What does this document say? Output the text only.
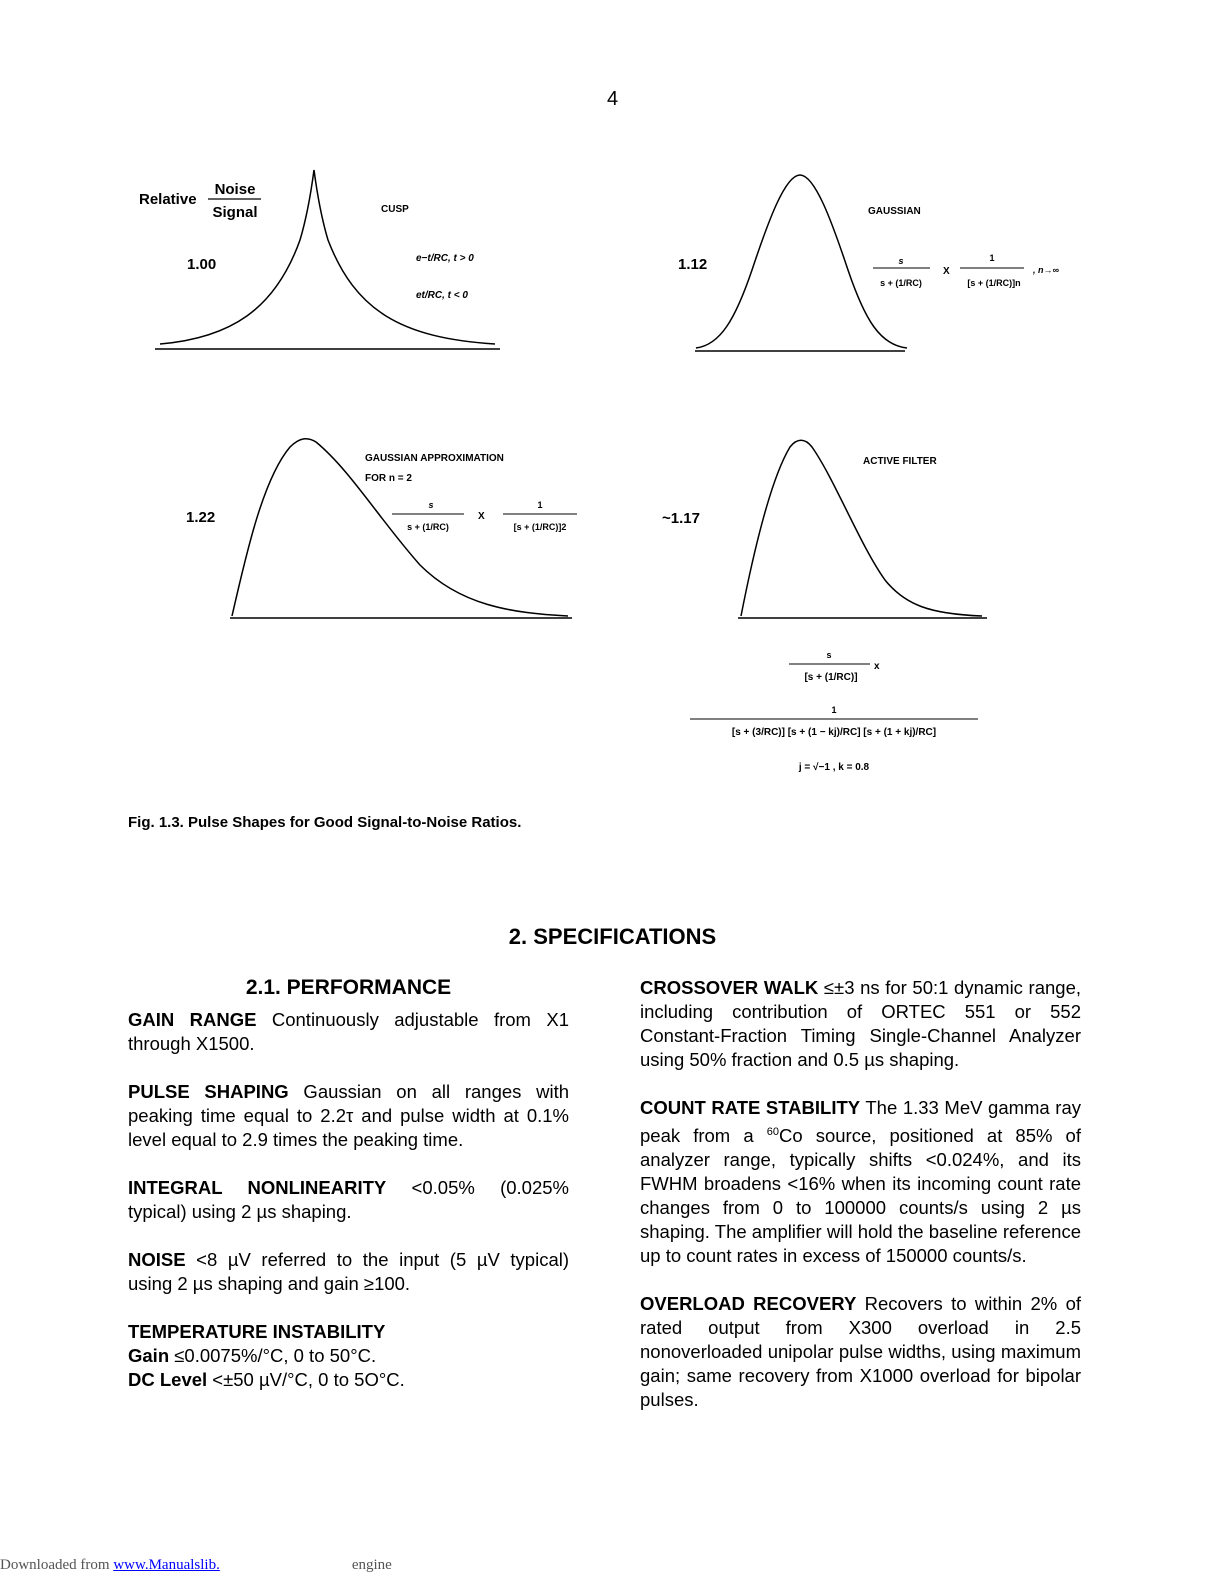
4
Relative
Noise
Signal
1.00
CUSP
e−t/RC, t > 0
et/RC, t < 0
1.12
GAUSSIAN
s
s + (1/RC)
X
1
[s + (1/RC)]n
, n→∞
1.22
GAUSSIAN APPROXIMATION
FOR n = 2
s
s + (1/RC)
X
1
[s + (1/RC)]2	~1.17
ACTIVE FILTER
s
x
[s + (1/RC)]
1
[s + (3/RC)] [s + (1 − kj)/RC] [s + (1 + kj)/RC]
j = √−1 , k = 0.8
Fig. 1.3. Pulse Shapes for Good Signal-to-Noise Ratios.
2. SPECIFICATIONS
2.1. PERFORMANCE

GAIN RANGE Continuously adjustable from X1 through X1500.

PULSE SHAPING Gaussian on all ranges with peaking time equal to 2.2τ and pulse width at 0.1% level equal to 2.9 times the peaking time.

INTEGRAL NONLINEARITY <0.05% (0.025% typical) using 2 µs shaping.

NOISE <8 µV referred to the input (5 µV typical) using 2 µs shaping and gain ≥100.

TEMPERATURE INSTABILITY
Gain ≤0.0075%/°C, 0 to 50°C.
DC Level <±50 µV/°C, 0 to 5O°C.

CROSSOVER WALK ≤±3 ns for 50:1 dynamic range, including contribution of ORTEC 551 or 552 Constant-Fraction Timing Single-Channel Analyzer using 50% fraction and 0.5 µs shaping.

COUNT RATE STABILITY The 1.33 MeV gamma ray peak from a $^{60}$Co source, positioned at 85% of analyzer range, typically shifts <0.024%, and its FWHM broadens <16% when its incoming count rate changes from 0 to 100000 counts/s using 2 µs shaping. The amplifier will hold the baseline reference up to count rates in excess of 150000 counts/s.

OVERLOAD RECOVERY Recovers to within 2% of rated output from X300 overload in 2.5 nonoverloaded unipolar pulse widths, using maximum gain; same recovery from X1000 overload for bipolar pulses.

Downloaded from www.Manualslib.	engine
